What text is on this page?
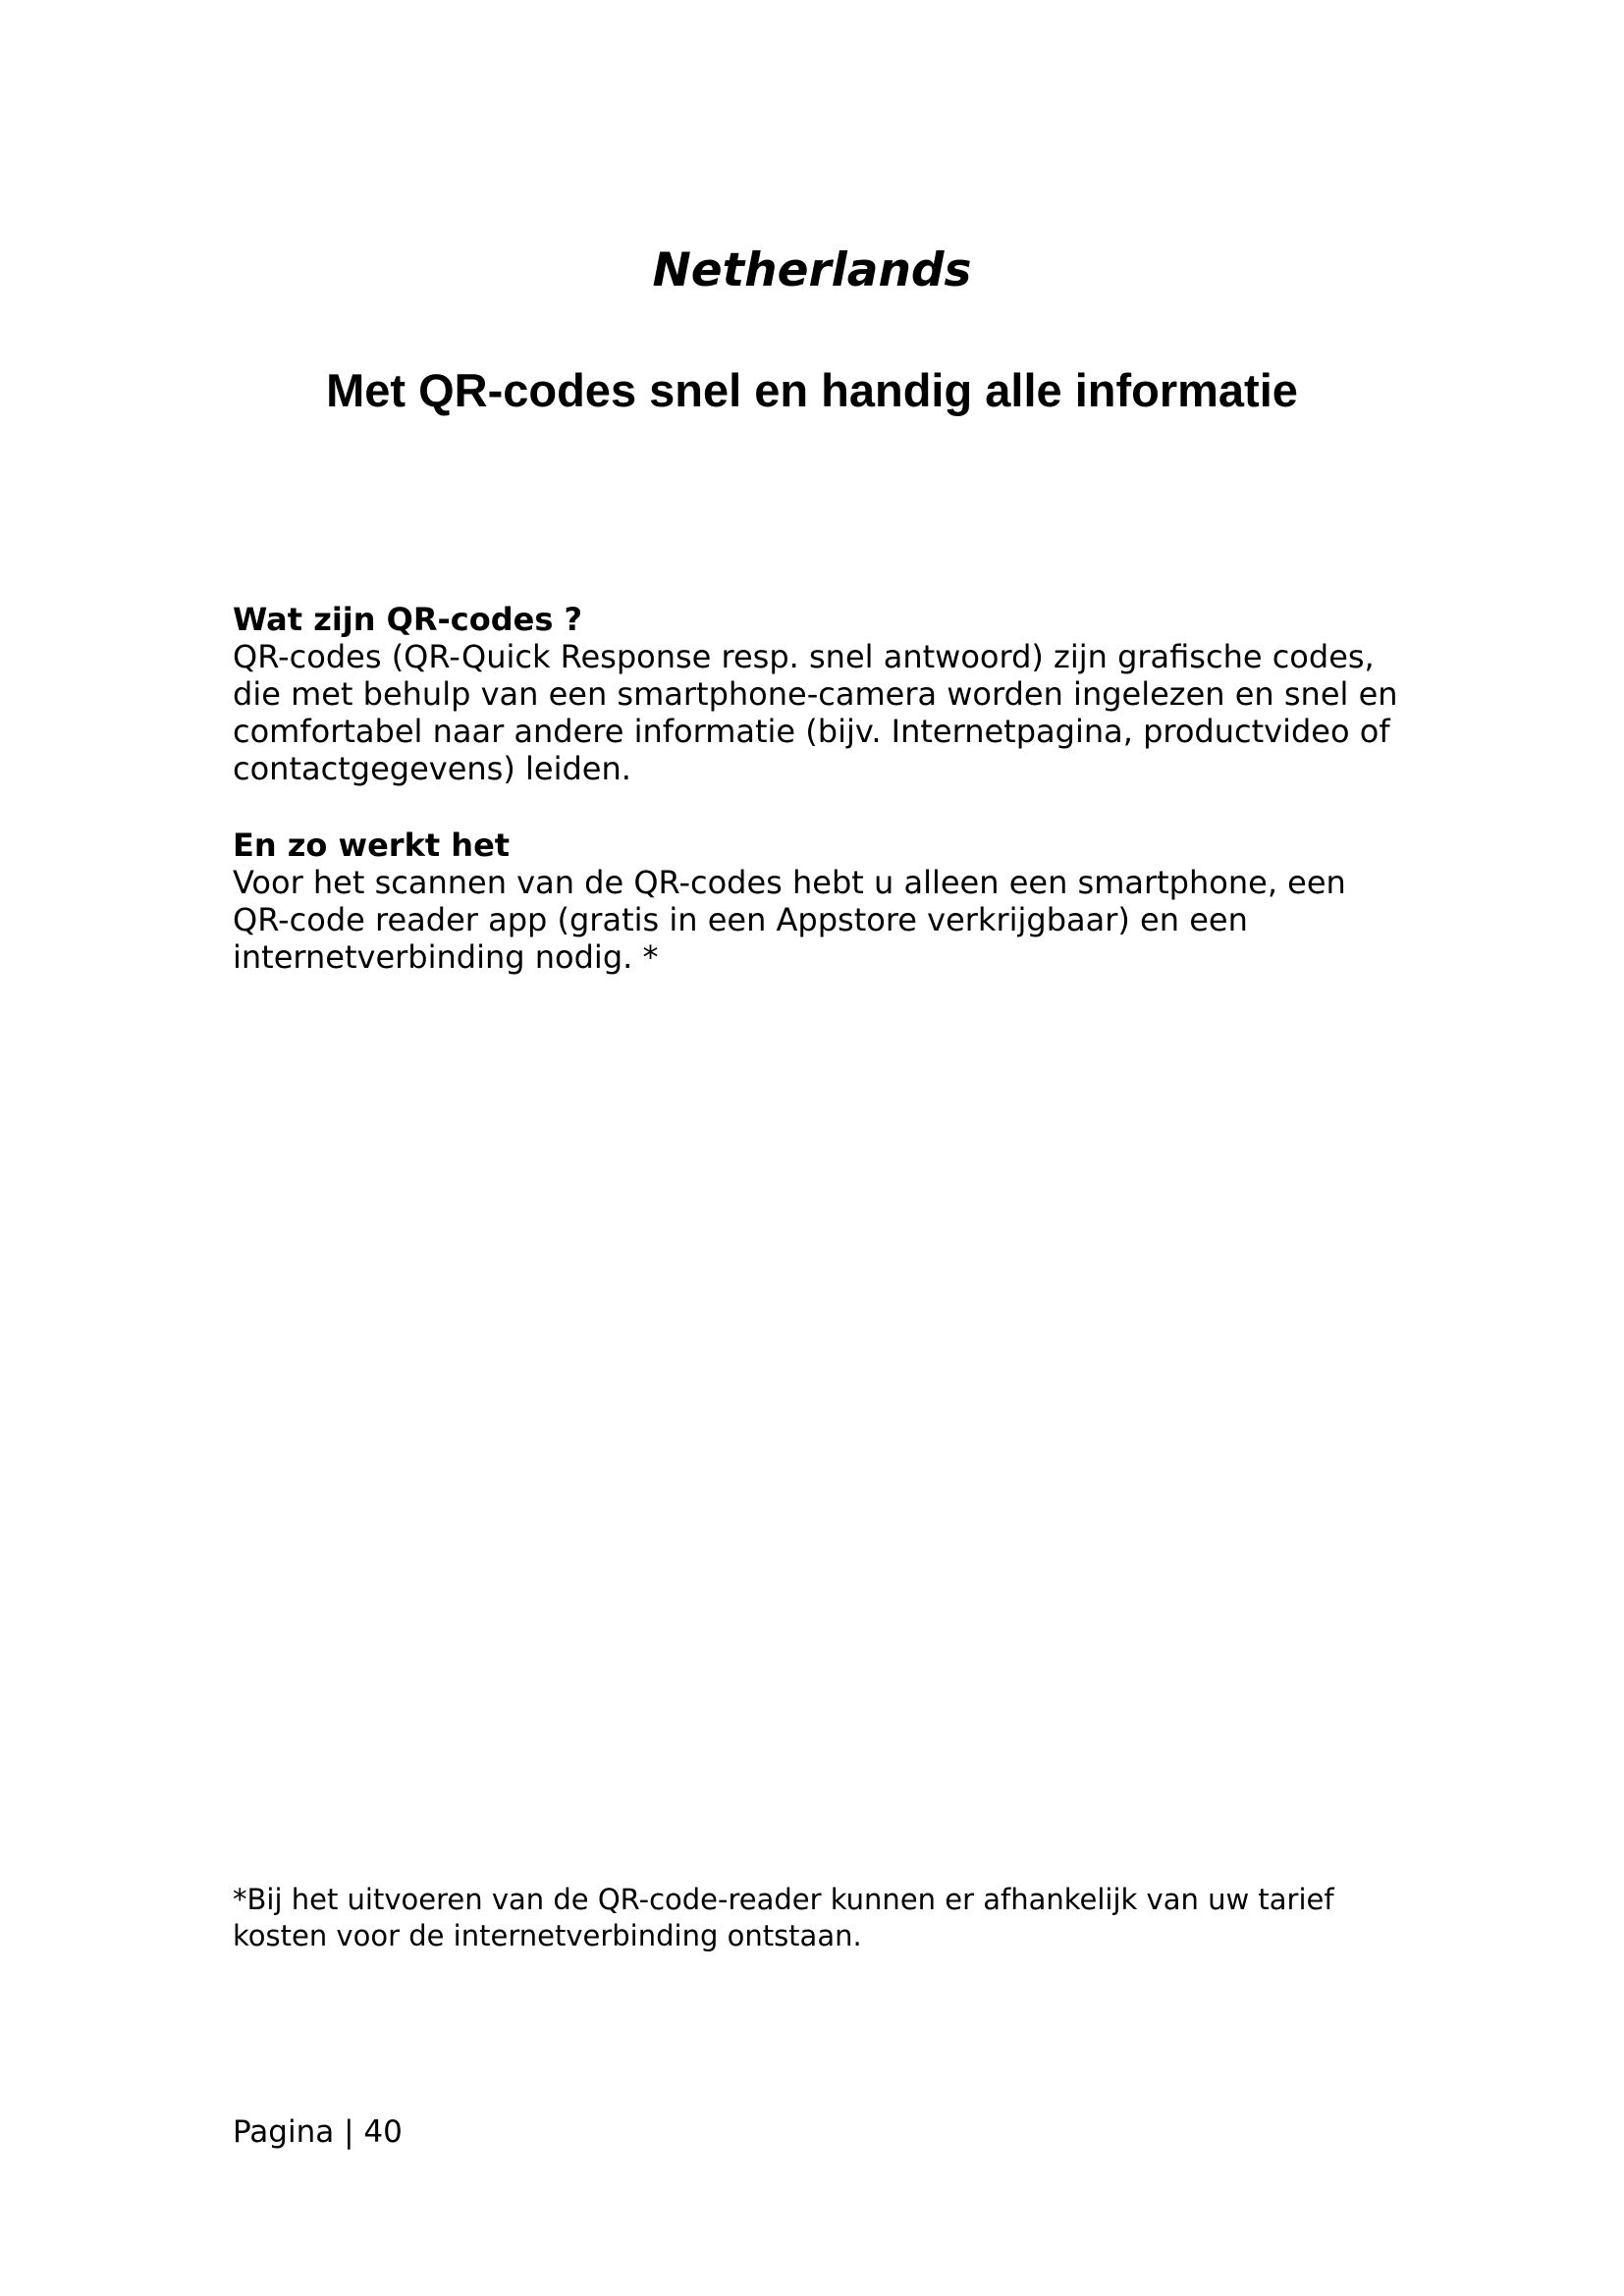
Netherlands
Met QR-codes snel en handig alle informatie
Wat zijn QR-codes ?

QR-codes (QR-Quick Response resp. snel antwoord) zijn grafische codes,
die met behulp van een smartphone-camera worden ingelezen en snel en
comfortabel naar andere informatie (bijv. Internetpagina, productvideo of
contactgegevens) leiden.

En zo werkt het

Voor het scannen van de QR-codes hebt u alleen een smartphone, een
QR-code reader app (gratis in een Appstore verkrijgbaar) en een
internetverbinding nodig. *

*Bij het uitvoeren van de QR-code-reader kunnen er afhankelijk van uw tarief
kosten voor de internetverbinding ontstaan.

Pagina | 40
